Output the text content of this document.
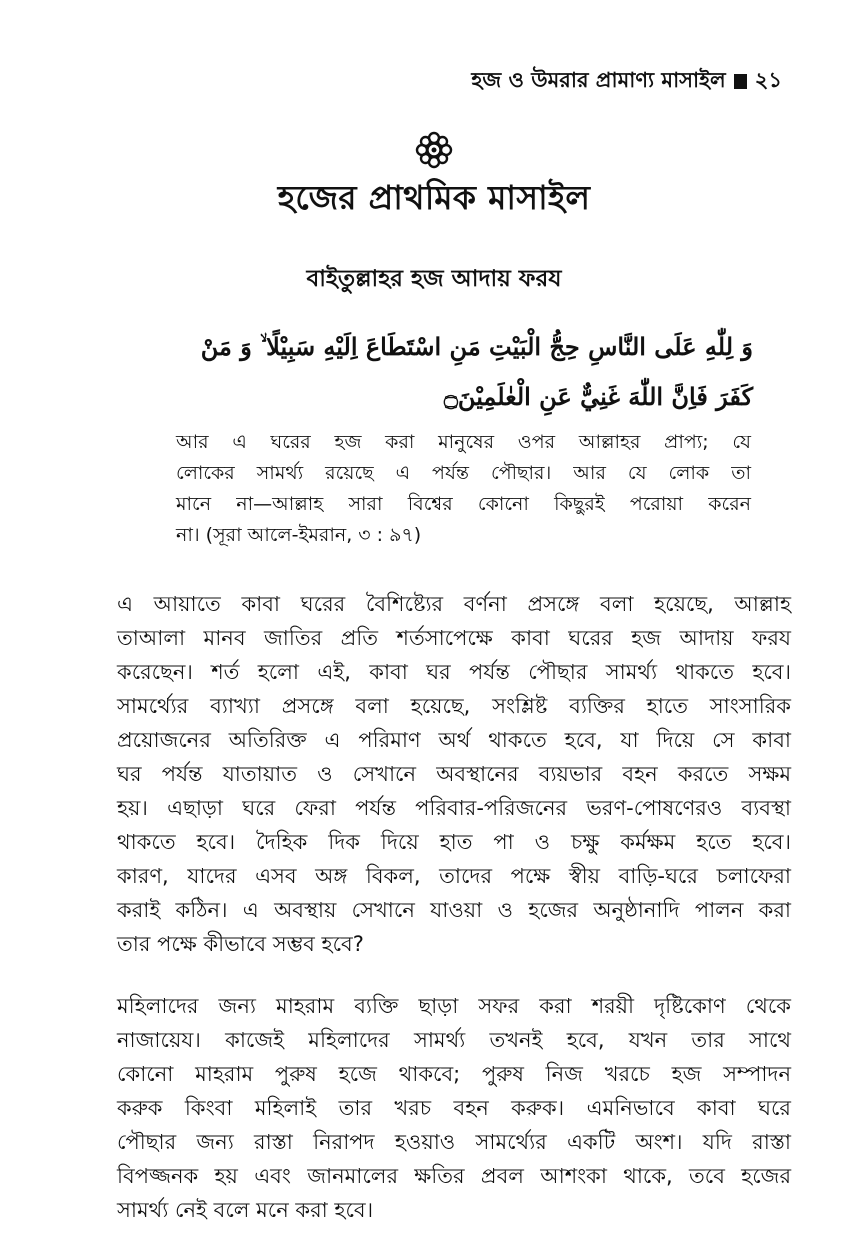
হজ ও উমরার প্রামাণ্য মাসাইল ২১
হজের প্রাথমিক মাসাইল
বাইতুল্লাহর হজ আদায় ফরয
وَ لِلّٰهِ عَلَى النَّاسِ حِجُّ الْبَيْتِ مَنِ اسْتَطَاعَ اِلَيْهِ سَبِيْلًا ۙ وَ مَنْ
كَفَرَ فَاِنَّ اللّٰهَ غَنِيٌّ عَنِ الْعٰلَمِيْنَ۝
আর এ ঘরের হজ করা মানুষের ওপর আল্লাহর প্রাপ্য; যে
লোকের সামর্থ্য রয়েছে এ পর্যন্ত পৌছার। আর যে লোক তা
মানে না—আল্লাহ সারা বিশ্বের কোনো কিছুরই পরোয়া করেন
না। (সূরা আলে-ইমরান, ৩ : ৯৭)
এ আয়াতে কাবা ঘরের বৈশিষ্ট্যের বর্ণনা প্রসঙ্গে বলা হয়েছে, আল্লাহ
তাআলা মানব জাতির প্রতি শর্তসাপেক্ষে কাবা ঘরের হজ আদায় ফরয
করেছেন। শর্ত হলো এই, কাবা ঘর পর্যন্ত পৌছার সামর্থ্য থাকতে হবে।
সামর্থ্যের ব্যাখ্যা প্রসঙ্গে বলা হয়েছে, সংশ্লিষ্ট ব্যক্তির হাতে সাংসারিক
প্রয়োজনের অতিরিক্ত এ পরিমাণ অর্থ থাকতে হবে, যা দিয়ে সে কাবা
ঘর পর্যন্ত যাতায়াত ও সেখানে অবস্থানের ব্যয়ভার বহন করতে সক্ষম
হয়। এছাড়া ঘরে ফেরা পর্যন্ত পরিবার-পরিজনের ভরণ-পোষণেরও ব্যবস্থা
থাকতে হবে। দৈহিক দিক দিয়ে হাত পা ও চক্ষু কর্মক্ষম হতে হবে।
কারণ, যাদের এসব অঙ্গ বিকল, তাদের পক্ষে স্বীয় বাড়ি-ঘরে চলাফেরা
করাই কঠিন। এ অবস্থায় সেখানে যাওয়া ও হজের অনুষ্ঠানাদি পালন করা
তার পক্ষে কীভাবে সম্ভব হবে?
মহিলাদের জন্য মাহরাম ব্যক্তি ছাড়া সফর করা শরয়ী দৃষ্টিকোণ থেকে
নাজায়েয। কাজেই মহিলাদের সামর্থ্য তখনই হবে, যখন তার সাথে
কোনো মাহরাম পুরুষ হজে থাকবে; পুরুষ নিজ খরচে হজ সম্পাদন
করুক কিংবা মহিলাই তার খরচ বহন করুক। এমনিভাবে কাবা ঘরে
পৌছার জন্য রাস্তা নিরাপদ হওয়াও সামর্থ্যের একটি অংশ। যদি রাস্তা
বিপজ্জনক হয় এবং জানমালের ক্ষতির প্রবল আশংকা থাকে, তবে হজের
সামর্থ্য নেই বলে মনে করা হবে।
